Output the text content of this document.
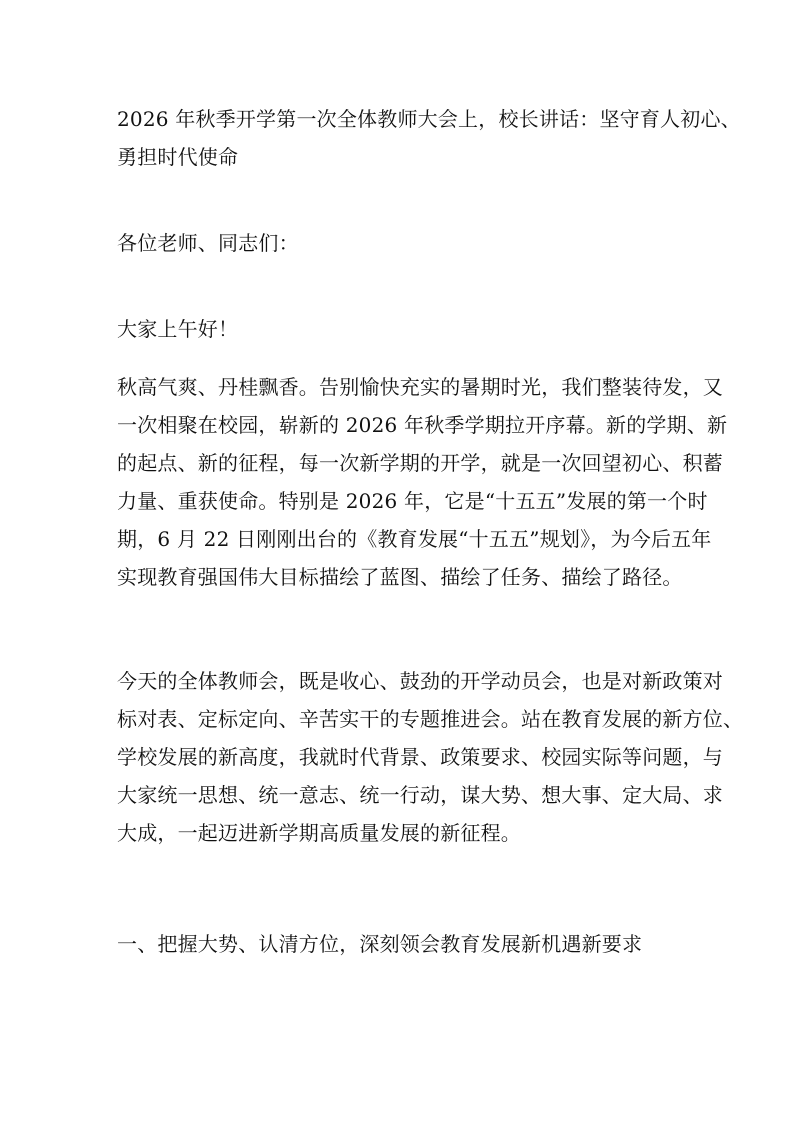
2026 年秋季开学第一次全体教师大会上，校长讲话：坚守育人初心、
勇担时代使命
各位老师、同志们：
大家上午好！
秋高气爽、丹桂飘香。告别愉快充实的暑期时光，我们整装待发，又
一次相聚在校园，崭新的 2026 年秋季学期拉开序幕。新的学期、新
的起点、新的征程，每一次新学期的开学，就是一次回望初心、积蓄
力量、重获使命。特别是 2026 年，它是“十五五”发展的第一个时
期，6 月 22 日刚刚出台的《教育发展“十五五”规划》，为今后五年
实现教育强国伟大目标描绘了蓝图、描绘了任务、描绘了路径。
今天的全体教师会，既是收心、鼓劲的开学动员会，也是对新政策对
标对表、定标定向、辛苦实干的专题推进会。站在教育发展的新方位、
学校发展的新高度，我就时代背景、政策要求、校园实际等问题，与
大家统一思想、统一意志、统一行动，谋大势、想大事、定大局、求
大成，一起迈进新学期高质量发展的新征程。
一、把握大势、认清方位，深刻领会教育发展新机遇新要求
